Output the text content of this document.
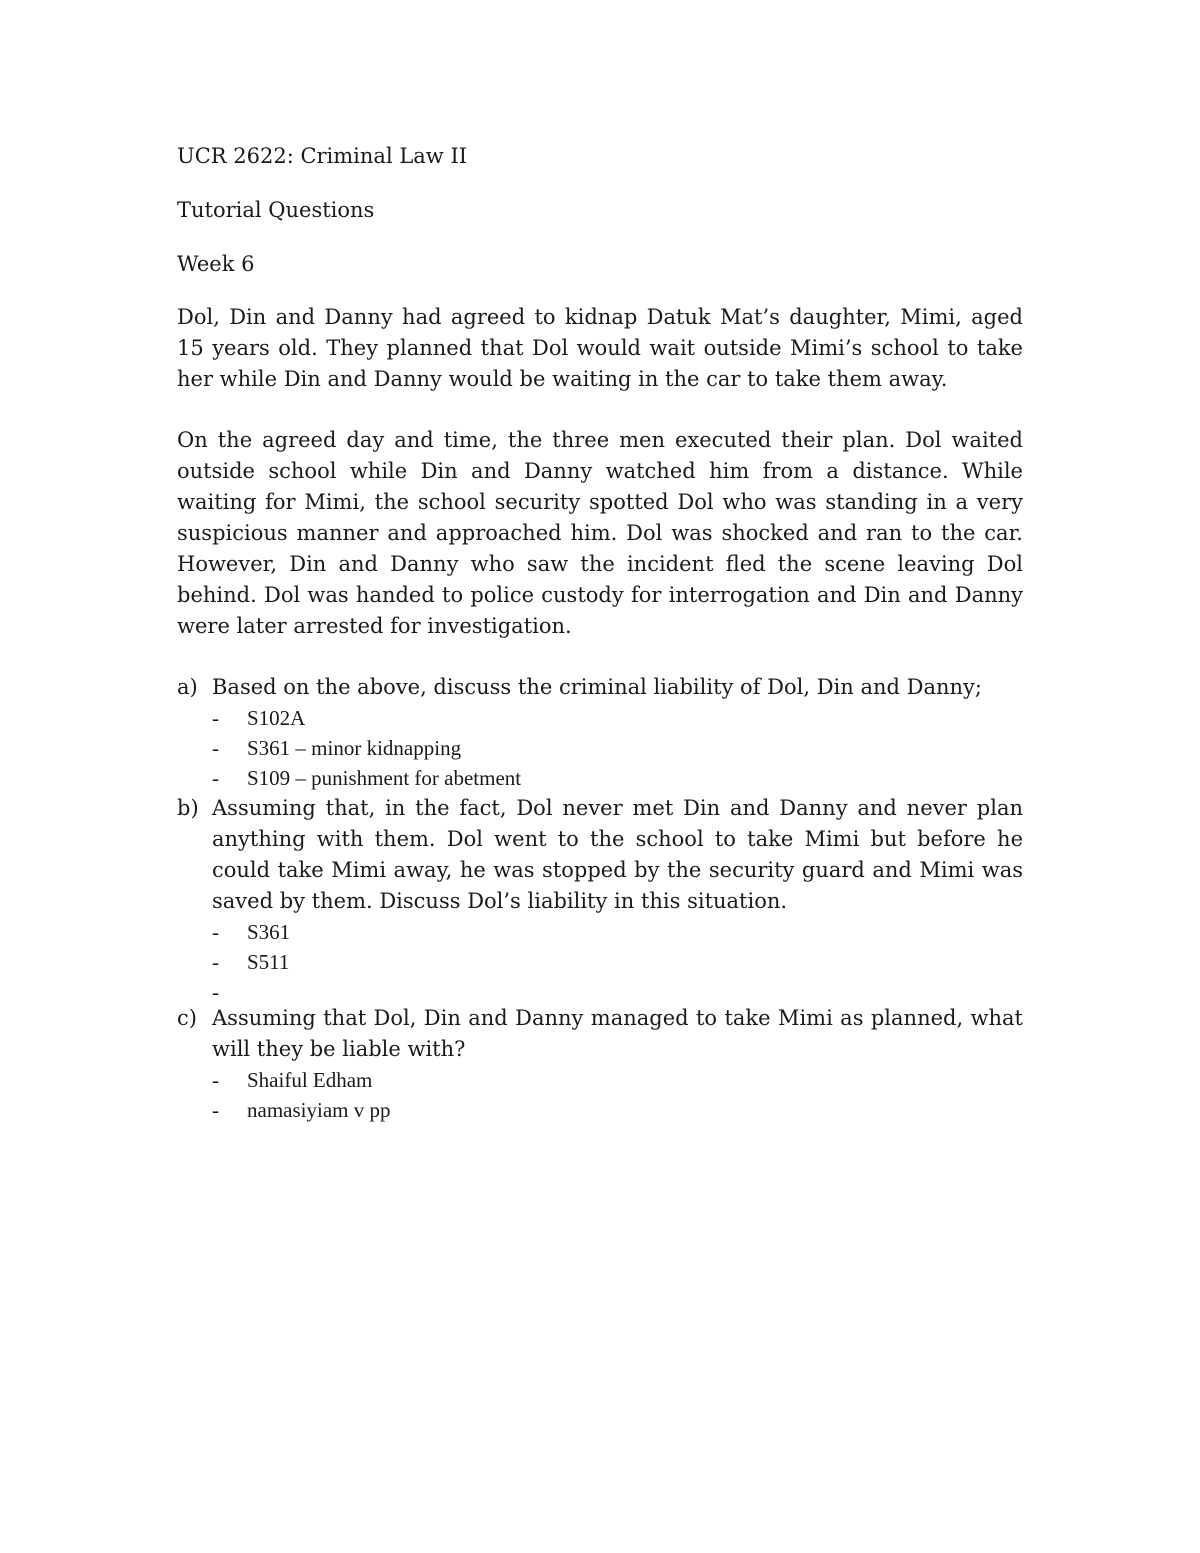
UCR 2622: Criminal Law II
Tutorial Questions
Week 6

Dol, Din and Danny had agreed to kidnap Datuk Mat’s daughter, Mimi, aged 15 years old. They planned that Dol would wait outside Mimi’s school to take her while Din and Danny would be waiting in the car to take them away.

On the agreed day and time, the three men executed their plan. Dol waited outside school while Din and Danny watched him from a distance. While waiting for Mimi, the school security spotted Dol who was standing in a very suspicious manner and approached him. Dol was shocked and ran to the car. However, Din and Danny who saw the incident fled the scene leaving Dol behind. Dol was handed to police custody for interrogation and Din and Danny were later arrested for investigation.

a) Based on the above, discuss the criminal liability of Dol, Din and Danny;
- S102A
- S361 – minor kidnapping
- S109 – punishment for abetment
b) Assuming that, in the fact, Dol never met Din and Danny and never plan anything with them. Dol went to the school to take Mimi but before he could take Mimi away, he was stopped by the security guard and Mimi was saved by them. Discuss Dol’s liability in this situation.
- S361
- S511
-
c) Assuming that Dol, Din and Danny managed to take Mimi as planned, what will they be liable with?
- Shaiful Edham
- namasiyiam v pp
